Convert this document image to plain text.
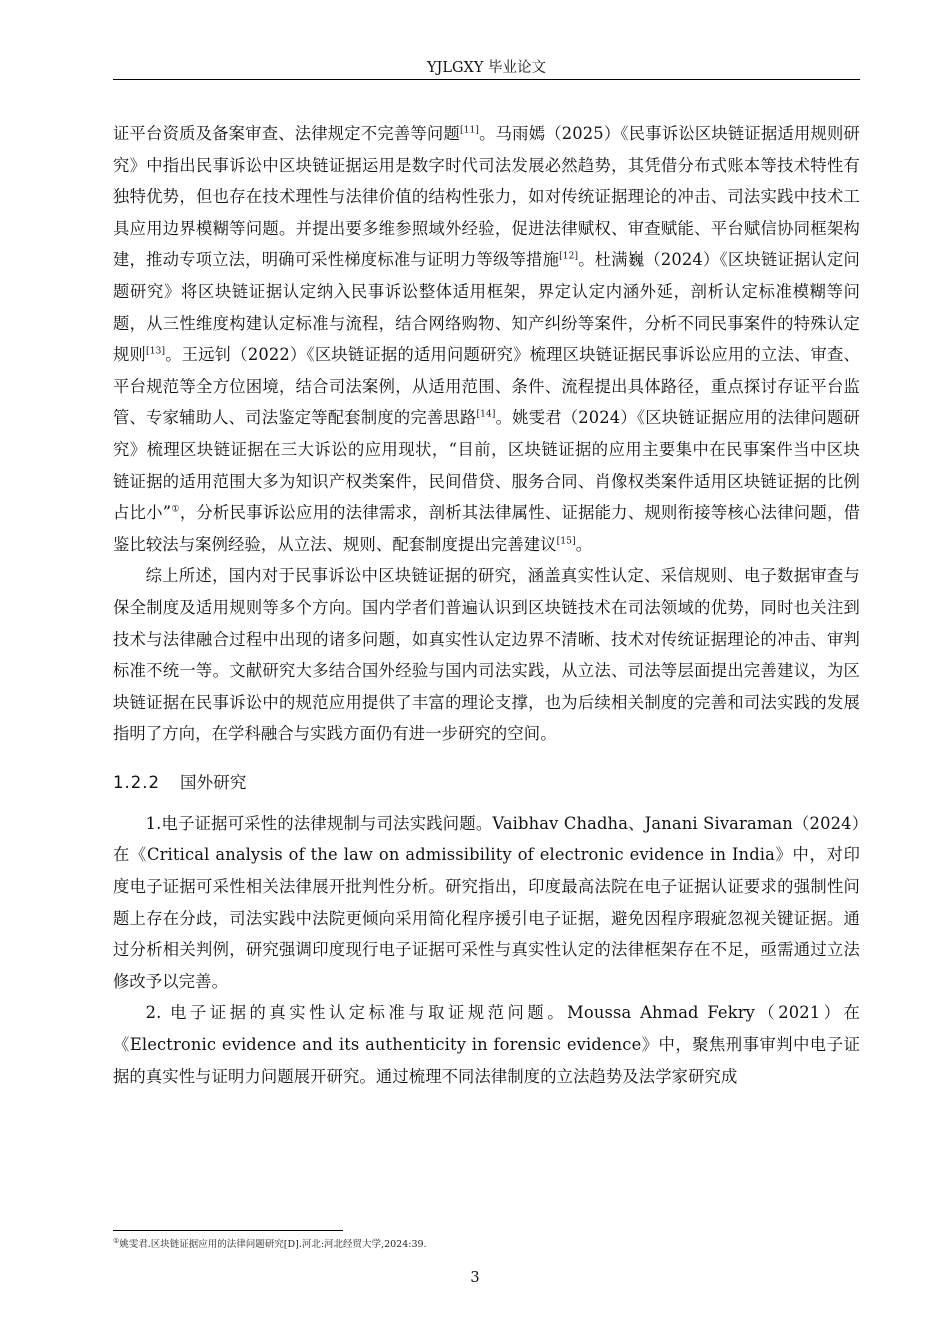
YJLGXY 毕业论文

证平台资质及备案审查、法律规定不完善等问题[11]。马雨嫣（2025）《民事诉讼区块链证据适用规则研究》中指出民事诉讼中区块链证据运用是数字时代司法发展必然趋势，其凭借分布式账本等技术特性有独特优势，但也存在技术理性与法律价值的结构性张力，如对传统证据理论的冲击、司法实践中技术工具应用边界模糊等问题。并提出要多维参照域外经验，促进法律赋权、审查赋能、平台赋信协同框架构建，推动专项立法，明确可采性梯度标准与证明力等级等措施[12]。杜满巍（2024）《区块链证据认定问题研究》将区块链证据认定纳入民事诉讼整体适用框架，界定认定内涵外延，剖析认定标准模糊等问题，从三性维度构建认定标准与流程，结合网络购物、知产纠纷等案件，分析不同民事案件的特殊认定规则[13]。王远钊（2022）《区块链证据的适用问题研究》梳理区块链证据民事诉讼应用的立法、审查、平台规范等全方位困境，结合司法案例，从适用范围、条件、流程提出具体路径，重点探讨存证平台监管、专家辅助人、司法鉴定等配套制度的完善思路[14]。姚雯君（2024）《区块链证据应用的法律问题研究》梳理区块链证据在三大诉讼的应用现状，“目前，区块链证据的应用主要集中在民事案件当中区块链证据的适用范围大多为知识产权类案件，民间借贷、服务合同、肖像权类案件适用区块链证据的比例占比小”①，分析民事诉讼应用的法律需求，剖析其法律属性、证据能力、规则衔接等核心法律问题，借鉴比较法与案例经验，从立法、规则、配套制度提出完善建议[15]。

综上所述，国内对于民事诉讼中区块链证据的研究，涵盖真实性认定、采信规则、电子数据审查与保全制度及适用规则等多个方向。国内学者们普遍认识到区块链技术在司法领域的优势，同时也关注到技术与法律融合过程中出现的诸多问题，如真实性认定边界不清晰、技术对传统证据理论的冲击、审判标准不统一等。文献研究大多结合国外经验与国内司法实践，从立法、司法等层面提出完善建议，为区块链证据在民事诉讼中的规范应用提供了丰富的理论支撑，也为后续相关制度的完善和司法实践的发展指明了方向，在学科融合与实践方面仍有进一步研究的空间。

1.2.2 国外研究

1.电子证据可采性的法律规制与司法实践问题。Vaibhav Chadha、Janani Sivaraman（2024）在《Critical analysis of the law on admissibility of electronic evidence in India》中，对印度电子证据可采性相关法律展开批判性分析。研究指出，印度最高法院在电子证据认证要求的强制性问题上存在分歧，司法实践中法院更倾向采用简化程序援引电子证据，避免因程序瑕疵忽视关键证据。通过分析相关判例，研究强调印度现行电子证据可采性与真实性认定的法律框架存在不足，亟需通过立法修改予以完善。

2. 电子证据的真实性认定标准与取证规范问题。Moussa Ahmad Fekry（2021）在《Electronic evidence and its authenticity in forensic evidence》中，聚焦刑事审判中电子证据的真实性与证明力问题展开研究。通过梳理不同法律制度的立法趋势及法学家研究成

①姚雯君.区块链证据应用的法律问题研究[D].河北:河北经贸大学,2024:39.
3
